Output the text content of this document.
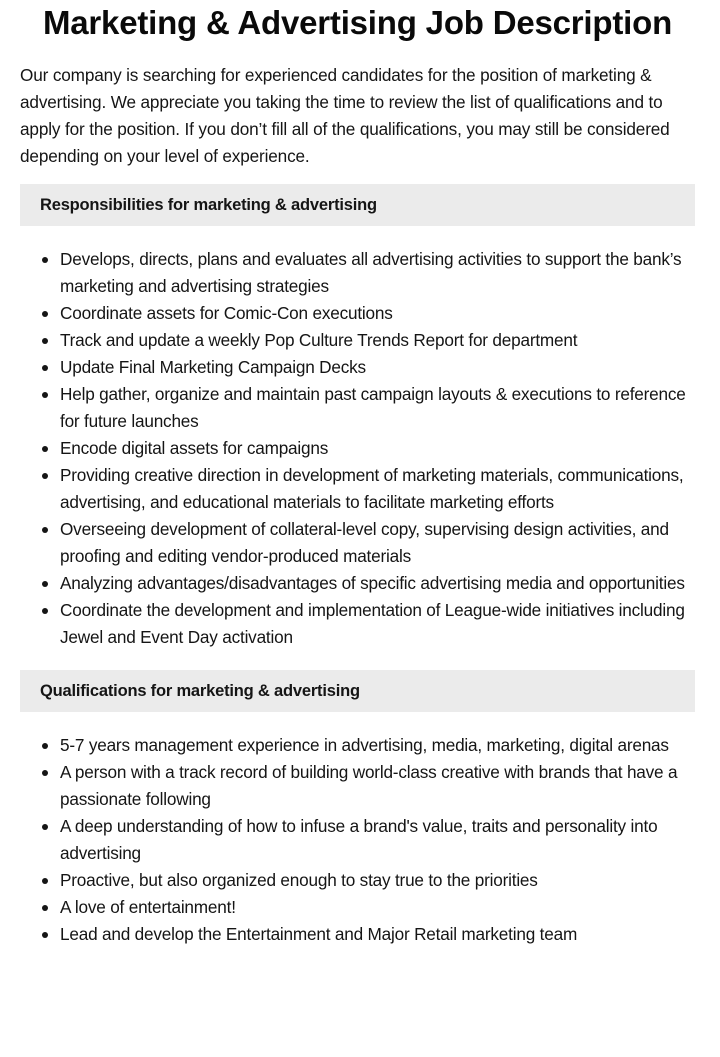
Marketing & Advertising Job Description

Our company is searching for experienced candidates for the position of marketing & advertising. We appreciate you taking the time to review the list of qualifications and to apply for the position. If you don’t fill all of the qualifications, you may still be considered depending on your level of experience.

Responsibilities for marketing & advertising
Develops, directs, plans and evaluates all advertising activities to support the bank’s marketing and advertising strategies
Coordinate assets for Comic-Con executions
Track and update a weekly Pop Culture Trends Report for department
Update Final Marketing Campaign Decks
Help gather, organize and maintain past campaign layouts & executions to reference for future launches
Encode digital assets for campaigns
Providing creative direction in development of marketing materials, communications, advertising, and educational materials to facilitate marketing efforts
Overseeing development of collateral-level copy, supervising design activities, and proofing and editing vendor-produced materials
Analyzing advantages/disadvantages of specific advertising media and opportunities
Coordinate the development and implementation of League-wide initiatives including Jewel and Event Day activation
Qualifications for marketing & advertising
5-7 years management experience in advertising, media, marketing, digital arenas
A person with a track record of building world-class creative with brands that have a passionate following
A deep understanding of how to infuse a brand's value, traits and personality into advertising
Proactive, but also organized enough to stay true to the priorities
A love of entertainment!
Lead and develop the Entertainment and Major Retail marketing team
